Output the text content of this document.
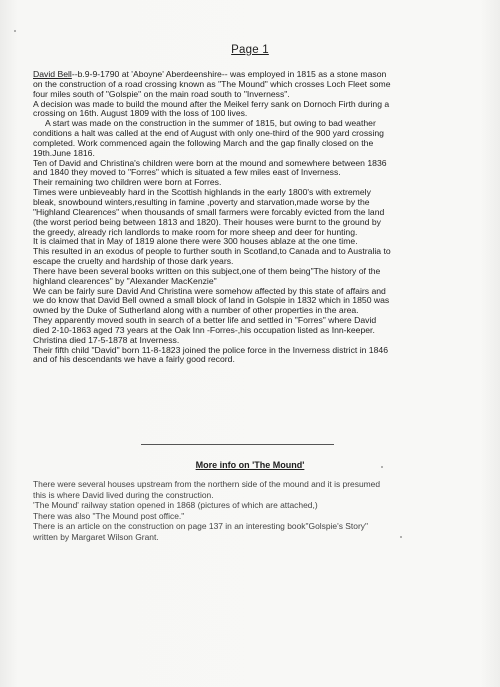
Page 1

David Bell--b.9-9-1790 at 'Aboyne' Aberdeenshire-- was employed in 1815 as a stone mason

on the construction of a road crossing known as "The Mound" which crosses Loch Fleet some

four miles south of "Golspie" on the main road south to "Inverness".

A decision was made to build the mound after the Meikel ferry sank on Dornoch Firth during a

crossing on 16th. August 1809 with the loss of 100 lives.

A start was made on the construction in the summer of 1815, but owing to bad weather

conditions a halt was called at the end of August with only one-third of the 900 yard crossing

completed. Work commenced again the following March and the gap finally closed on the

19th.June 1816.

Ten of David and Christina's children were born at the mound and somewhere between 1836

and 1840 they moved to "Forres" which is situated a few miles east of Inverness.

Their remaining two children were born at Forres.

Times were unbieveably hard in the Scottish highlands in the early 1800's with extremely

bleak, snowbound winters,resulting in famine ,poverty and starvation,made worse by the

"Highland Clearences" when thousands of small farmers were forcably evicted from the land

(the worst period being between 1813 and 1820). Their houses were burnt to the ground by

the greedy, already rich landlords to make room for more sheep and deer for hunting.

It is claimed that in May of 1819 alone there were 300 houses ablaze at the one time.

This resulted in an exodus of people to further south in Scotland,to Canada and to Australia to

escape the cruelty and hardship of those dark years.

There have been several books written on this subject,one of them being"The history of the

highland clearences" by "Alexander MacKenzie"

We can be fairly sure David And Christina were somehow affected by this state of affairs and

we do know that David Bell owned a small block of land in Golspie in 1832 which in 1850 was

owned by the Duke of Sutherland along with a number of other properties in the area.

They apparently moved south in search of a better life and settled in "Forres" where David

died 2-10-1863 aged 73 years at the Oak Inn -Forres-,his occupation listed as Inn-keeper.

Christina died 17-5-1878 at Inverness.

Their fifth child "David" born 11-8-1823 joined the police force in the Inverness district in 1846

and of his descendants we have a fairly good record.

More info on 'The Mound'

There were several houses upstream from the northern side of the mound and it is presumed

this is where David lived during the construction.

'The Mound' railway station opened in 1868 (pictures of which are attached,)

There was also "The Mound post office."

There is an article on the construction on page 137 in an interesting book"Golspie's Story"

written by Margaret Wilson Grant.
